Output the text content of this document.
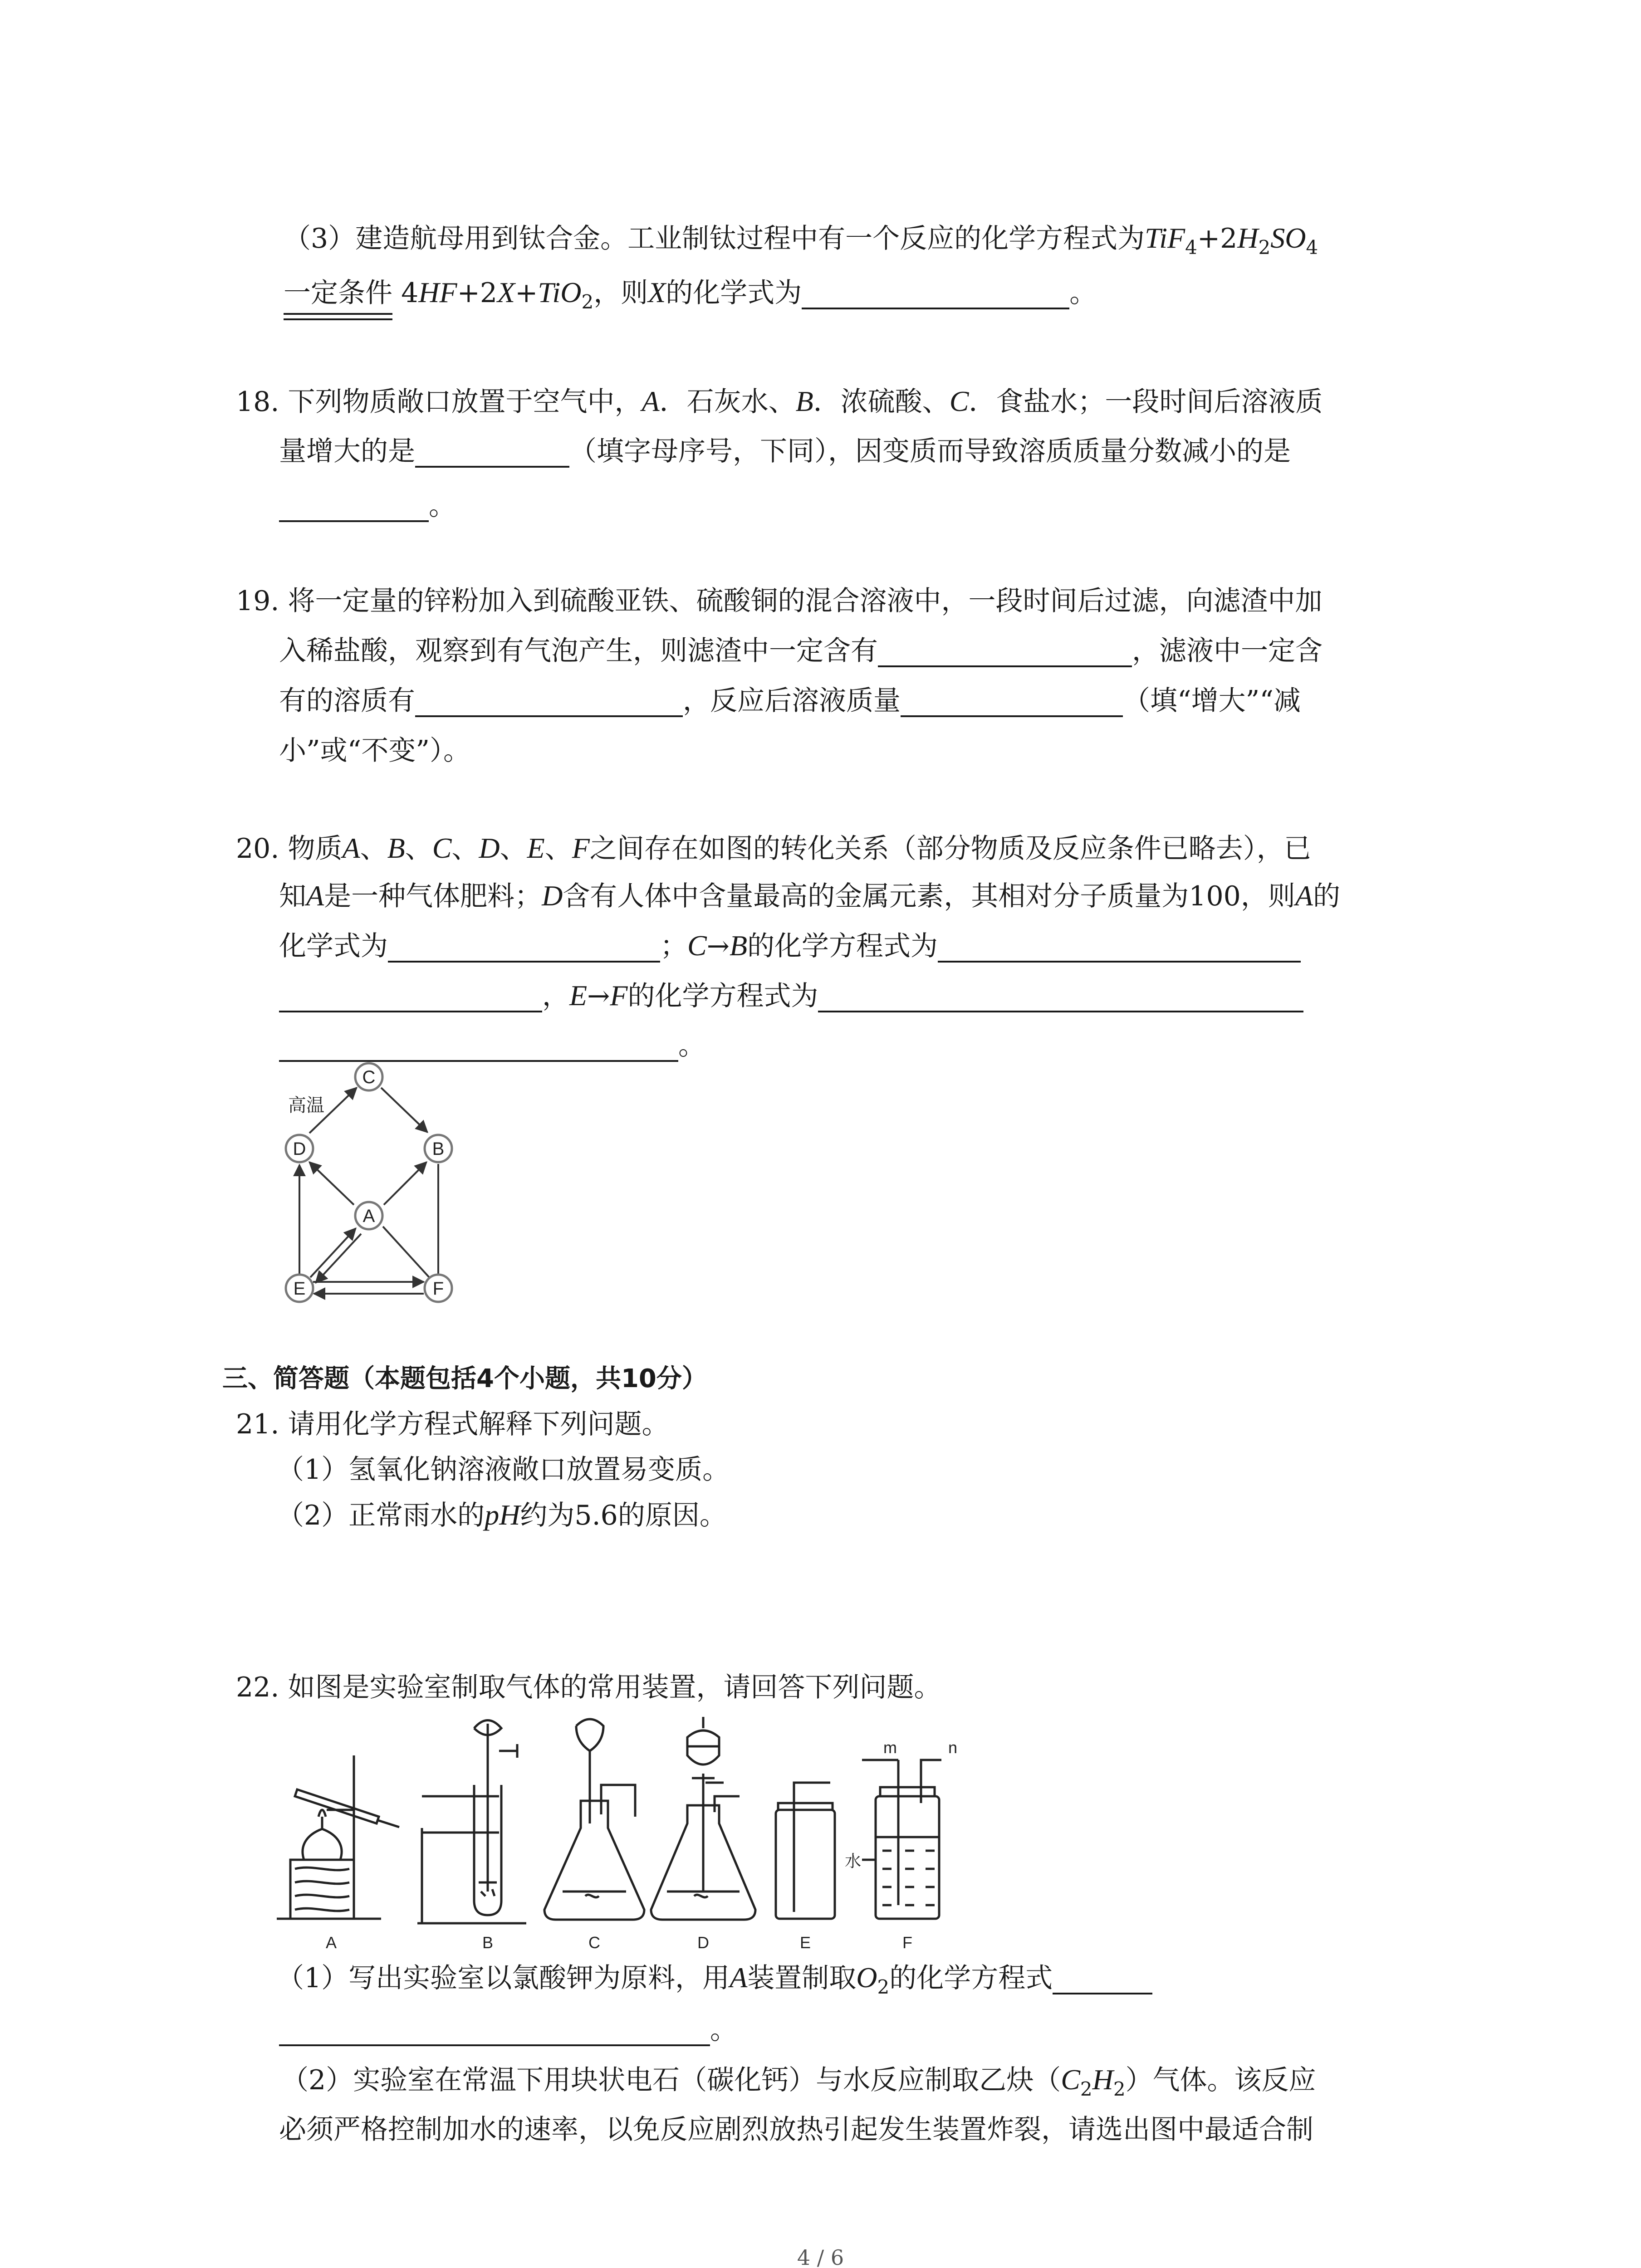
（3）建造航母用到钛合金。工业制钛过程中有一个反应的化学方程式为$TiF_4+2H_2SO_4$
一定条件 4HF+2X+TiO$_2$，则X的化学式为	。
18. 下列物质敞口放置于空气中，A．石灰水、B．浓硫酸、C．食盐水；一段时间后溶液质
量增大的是	（填字母序号，下同），因变质而导致溶质质量分数减小的是
。
19. 将一定量的锌粉加入到硫酸亚铁、硫酸铜的混合溶液中，一段时间后过滤，向滤渣中加
入稀盐酸，观察到有气泡产生，则滤渣中一定含有	，滤液中一定含
有的溶质有	，反应后溶液质量	（填“增大”“减
小”或“不变”）。
20. 物质A、B、C、D、E、F之间存在如图的转化关系（部分物质及反应条件已略去），已
知A是一种气体肥料；D含有人体中含量最高的金属元素，其相对分子质量为100，则A的
化学式为	；C→B的化学方程式为
，E→F的化学方程式为
。
高温
C
D	B
A
E	F
三、简答题（本题包括4个小题，共10分）
21. 请用化学方程式解释下列问题。
（1）氢氧化钠溶液敞口放置易变质。
（2）正常雨水的pH约为5.6的原因。
22. 如图是实验室制取气体的常用装置，请回答下列问题。
A	B	C	D	E
m	n
水
F
（1）写出实验室以氯酸钾为原料，用A装置制取$O_2$的化学方程式
。
（2）实验室在常温下用块状电石（碳化钙）与水反应制取乙炔$(C_2H_2)$气体。该反应
必须严格控制加水的速率，以免反应剧烈放热引起发生装置炸裂，请选出图中最适合制
4 / 6
